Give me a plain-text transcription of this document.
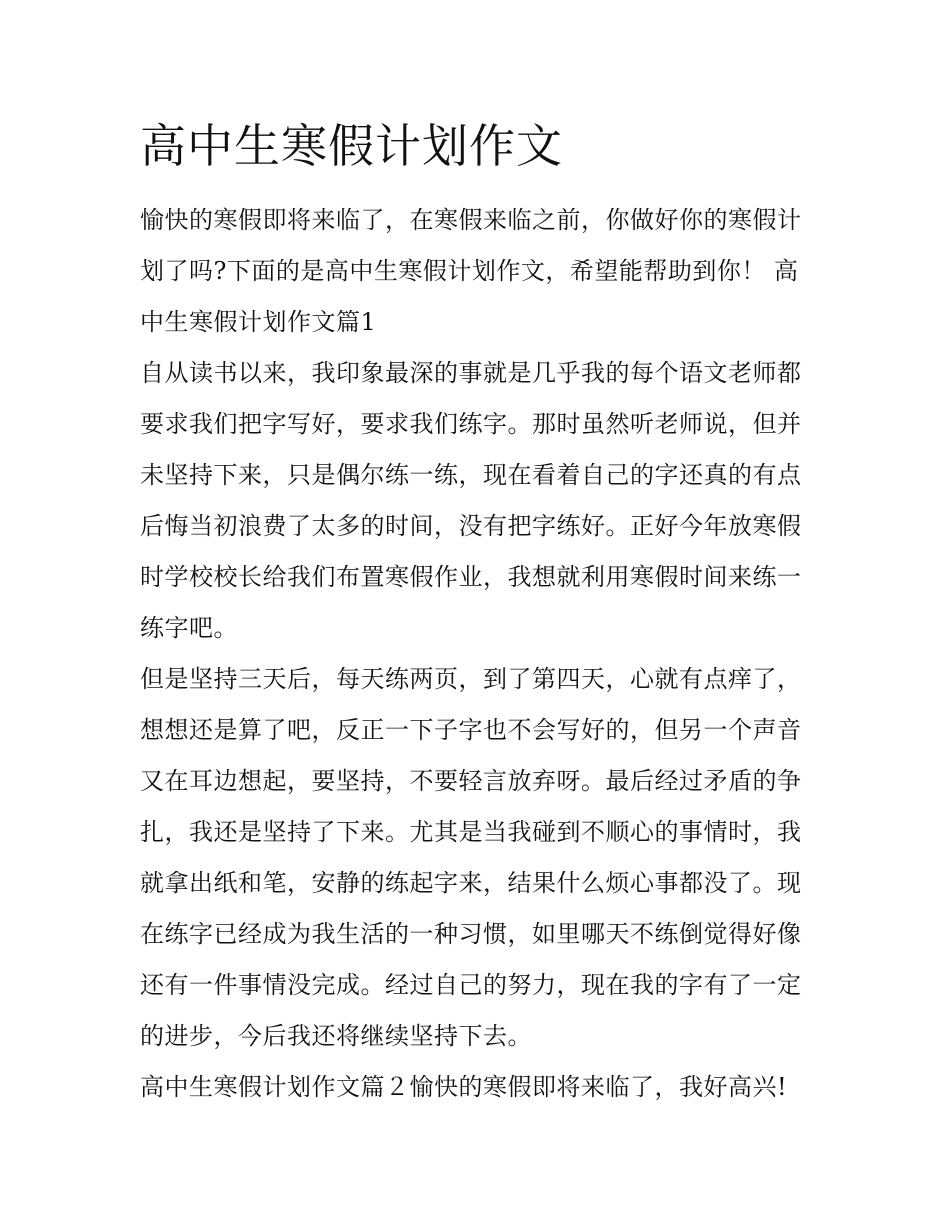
高中生寒假计划作文
愉快的寒假即将来临了，在寒假来临之前，你做好你的寒假计
划了吗?下面的是高中生寒假计划作文，希望能帮助到你！ 高
中生寒假计划作文篇1
自从读书以来，我印象最深的事就是几乎我的每个语文老师都
要求我们把字写好，要求我们练字。那时虽然听老师说，但并
未坚持下来，只是偶尔练一练，现在看着自己的字还真的有点
后悔当初浪费了太多的时间，没有把字练好。正好今年放寒假
时学校校长给我们布置寒假作业，我想就利用寒假时间来练一
练字吧。
但是坚持三天后，每天练两页，到了第四天，心就有点痒了，
想想还是算了吧，反正一下子字也不会写好的，但另一个声音
又在耳边想起，要坚持，不要轻言放弃呀。最后经过矛盾的争
扎，我还是坚持了下来。尤其是当我碰到不顺心的事情时，我
就拿出纸和笔，安静的练起字来，结果什么烦心事都没了。现
在练字已经成为我生活的一种习惯，如里哪天不练倒觉得好像
还有一件事情没完成。经过自己的努力，现在我的字有了一定
的进步，今后我还将继续坚持下去。
高中生寒假计划作文篇２愉快的寒假即将来临了，我好高兴!
